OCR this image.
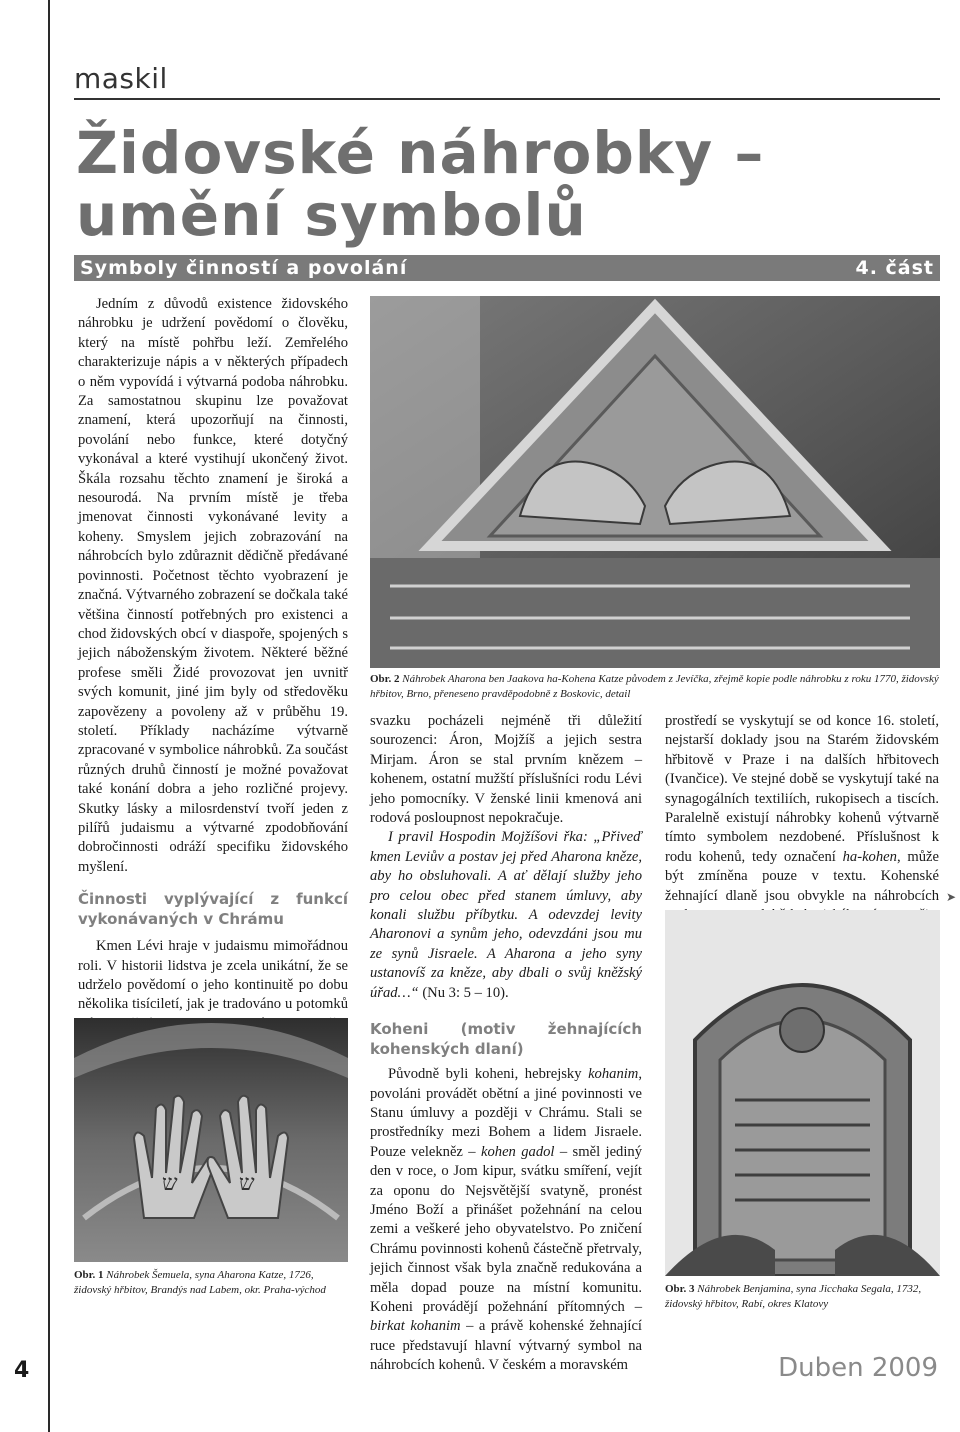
maskil
Židovské náhrobky –
umění symbolů
Symboly činností a povolání	4. část

Jedním z důvodů existence židovského náhrobku je udržení povědomí o člověku, který na místě pohřbu leží. Zemřelého charakterizuje nápis a v některých případech o něm vypovídá i výtvarná podoba náhrobku. Za samostatnou skupinu lze považovat znamení, která upozorňují na činnosti, povolání nebo funkce, které dotyčný vykonával a které vystihují ukončený život. Škála rozsahu těchto znamení je široká a nesourodá. Na prvním místě je třeba jmenovat činnosti vykonávané levity a koheny. Smyslem jejich zobrazování na náhrobcích bylo zdůraznit dědičně předávané povinnosti. Početnost těchto vyobrazení je značná. Výtvarného zobrazení se dočkala také většina činností potřebných pro existenci a chod židovských obcí v diaspoře, spojených s jejich náboženským životem. Některé běžné profese směli Židé provozovat jen uvnitř svých komunit, jiné jim byly od středověku zapovězeny a povoleny až v průběhu 19. století. Příklady nacházíme výtvarně zpracované v symbolice náhrobků. Za součást různých druhů činností je možné považovat také konání dobra a jeho rozličné projevy. Skutky lásky a milosrdenství tvoří jeden z pilířů judaismu a výtvarné zpodobňování dobročinnosti odráží specifiku židovského myšlení.

Činnosti vyplývající z funkcí vykonávaných v Chrámu

Kmen Lévi hraje v judaismu mimořádnou roli. V historii lidstva je zcela unikátní, že se udrželo povědomí o jeho kontinuitě po dobu několika tisíciletí, jak je tradováno u potomků

ש	ש
Obr. 1 Náhrobek Šemuela, syna Aharona Katze, 1726, židovský hřbitov, Brandýs nad Labem, okr. Praha-východ
Obr. 2 Náhrobek Aharona ben Jaakova ha-Kohena Katze původem z Jevíčka, zřejmě kopie podle náhrobku z roku 1770, židovský hřbitov, Brno, přeneseno pravděpodobně z Boskovic, detail

svazku pocházeli nejméně tři důležití sourozenci: Áron, Mojžíš a jejich sestra Mirjam. Áron se stal prvním knězem – kohenem, ostatní mužští příslušníci rodu Lévi jeho pomocníky. V ženské linii kmenová ani rodová posloupnost nepokračuje.

I pravil Hospodin Mojžíšovi řka: „Přiveď kmen Leviův a postav jej před Aharona kněze, aby ho obsluhovali. A ať dělají služby jeho pro celou obec před stanem úmluvy, aby konali službu příbytku. A odevzdej levity Aharonovi a synům jeho, odevzdáni jsou mu ze synů Jisraele. A Aharona a jeho syny ustanovíš za kněze, aby dbali o svůj kněžský úřad…“ (Nu 3: 5 – 10).

Koheni (motiv žehnajících kohenských dlaní)

Původně byli koheni, hebrejsky kohanim, povoláni provádět obětní a jiné povinnosti ve Stanu úmluvy a později v Chrámu. Stali se prostředníky mezi Bohem a lidem Jisraele. Pouze velekněz – kohen gadol – směl jediný den v roce, o Jom kipur, svátku smíření, vejít za oponu do Nejsvětější svatyně, pronést Jméno Boží a přinášet požehnání na celou zemi a veškeré jeho obyvatelstvo. Po zničení Chrámu povinnosti kohenů částečně přetrvaly, jejich činnost však byla značně redukována a měla dopad pouze na místní komunitu. Koheni provádějí požehnání přítomných – birkat kohanim – a právě kohenské žehnající ruce představují hlavní výtvarný symbol na náhrobcích kohenů. V českém a moravském

prostředí se vyskytují se od konce 16. století, nejstarší doklady jsou na Starém židovském hřbitově v Praze i na dalších hřbitovech (Ivančice). Ve stejné době se vyskytují také na synagogálních textiliích, rukopisech a tiscích. Paralelně existují náhrobky kohenů výtvarně tímto symbolem nezdobené. Příslušnost k rodu kohenů, tedy označení ha-kohen, může být zmíněna pouze v textu. Kohenské žehnající dlaně jsou obvykle na náhrobcích ➤
Obr. 3 Náhrobek Benjamina, syna Jicchaka Segala, 1732, židovský hřbitov, Rabí, okres Klatovy
4	Duben 2009
